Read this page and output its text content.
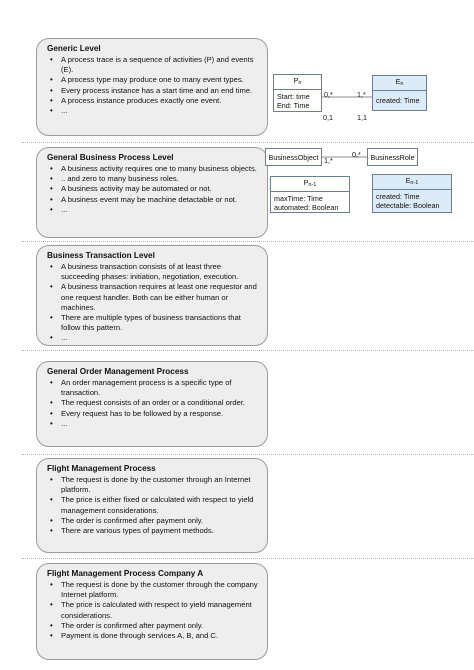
Generic Level
• A process trace is a sequence of activities (P) and events (E).
• A process type may produce one to many event types.
• Every process instance has a start time and an end time.
• A process instance produces exactly one event.
• ...
General Business Process Level
• A business activity requires one to many business objects.
• .. and zero to many business roles.
• A business activity may be automated or not.
• A business event may be machine detactable or not.
• ...
Business Transaction Level
• A business transaction consists of at least three succeeding phases: initiation, negotiation, execution.
• A business transaction requires at least one requestor and one request handler. Both can be either human or machines.
• There are multiple types of business transactions that follow this pattern.
• ...
General Order Management Process
• An order management process is a specific type of transaction.
• The request consists of an order or a conditional order.
• Every request has to be followed by a response.
• ...
Flight Management Process
• The request is done by the customer through an Internet platform.
• The price is either fixed or calculated with respect to yield management considerations.
• The order is confirmed after payment only.
• There are various types of payment methods.
Flight Management Process Company A
• The request is done by the customer through the company Internet platform.
• The price is calculated with respect to yield management considerations.
• The order is confirmed after payment only.
• Payment is done through services A, B, and C.
$P_n$
Start: time
End: Time
$E_n$
created: Time
0,*	1,*
0,1	1,1
BusinessObject 1,*
0,*	BusinessRole
$P_{n-1}$
maxTime: Time
automated: Boolean
$E_{n-1}$
created: Time
detectable: Boolean
